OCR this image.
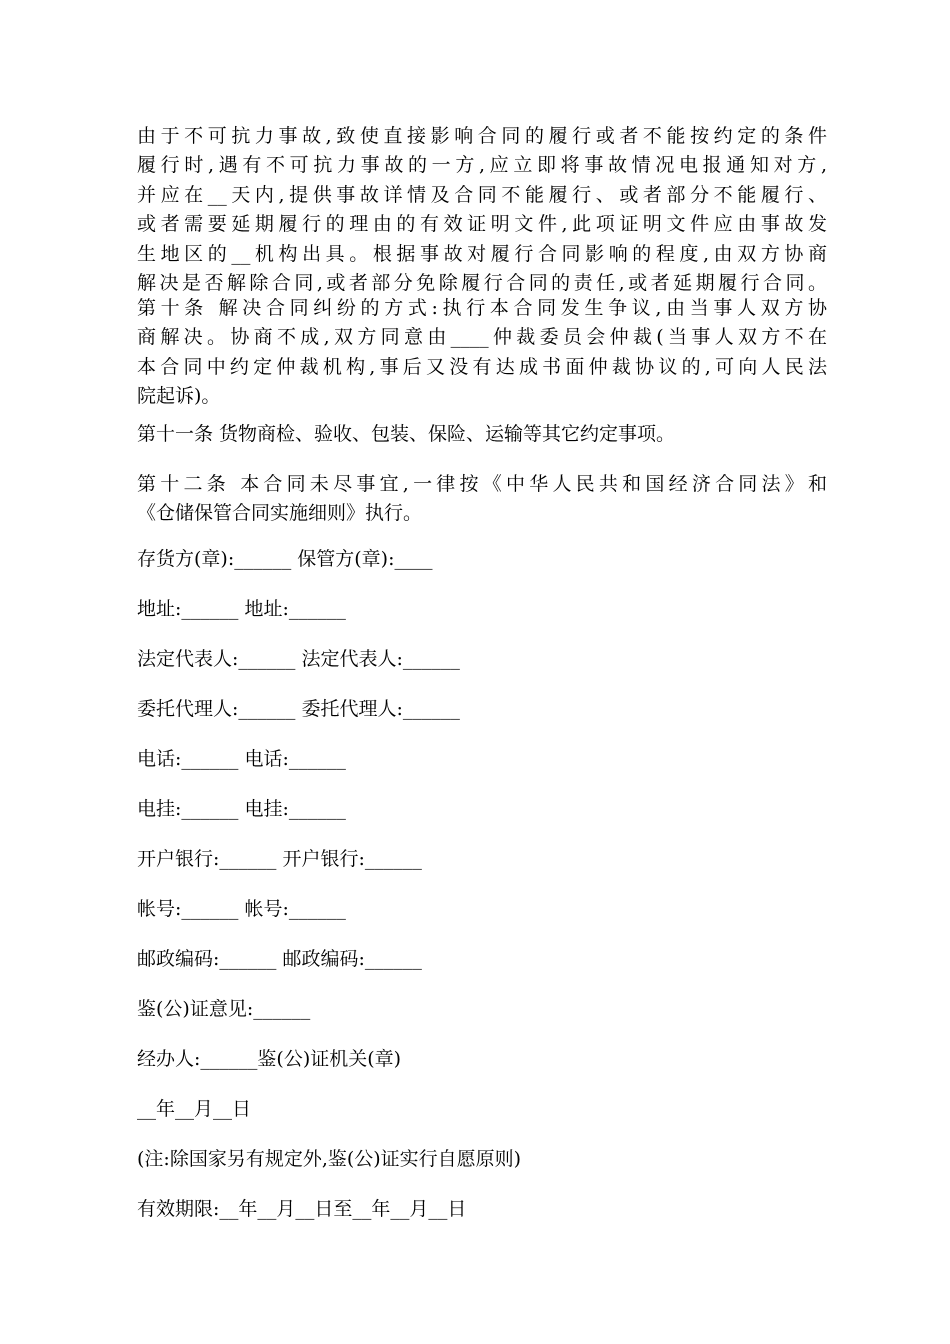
由于不可抗力事故,致使直接影响合同的履行或者不能按约定的条件
履行时,遇有不可抗力事故的一方,应立即将事故情况电报通知对方,
并应在__天内,提供事故详情及合同不能履行、或者部分不能履行、
或者需要延期履行的理由的有效证明文件,此项证明文件应由事故发
生地区的__机构出具。根据事故对履行合同影响的程度,由双方协商
解决是否解除合同,或者部分免除履行合同的责任,或者延期履行合同。
第十条 解决合同纠纷的方式:执行本合同发生争议,由当事人双方协
商解决。协商不成,双方同意由____仲裁委员会仲裁(当事人双方不在
本合同中约定仲裁机构,事后又没有达成书面仲裁协议的,可向人民法
院起诉)。
第十一条 货物商检、验收、包装、保险、运输等其它约定事项。
第十二条 本合同未尽事宜,一律按《中华人民共和国经济合同法》和
《仓储保管合同实施细则》执行。
存货方(章):______ 保管方(章):____
地址:______ 地址:______
法定代表人:______ 法定代表人:______
委托代理人:______ 委托代理人:______
电话:______ 电话:______
电挂:______ 电挂:______
开户银行:______ 开户银行:______
帐号:______ 帐号:______
邮政编码:______ 邮政编码:______
鉴(公)证意见:______
经办人:______鉴(公)证机关(章)
__年__月__日
(注:除国家另有规定外,鉴(公)证实行自愿原则)
有效期限:__年__月__日至__年__月__日
